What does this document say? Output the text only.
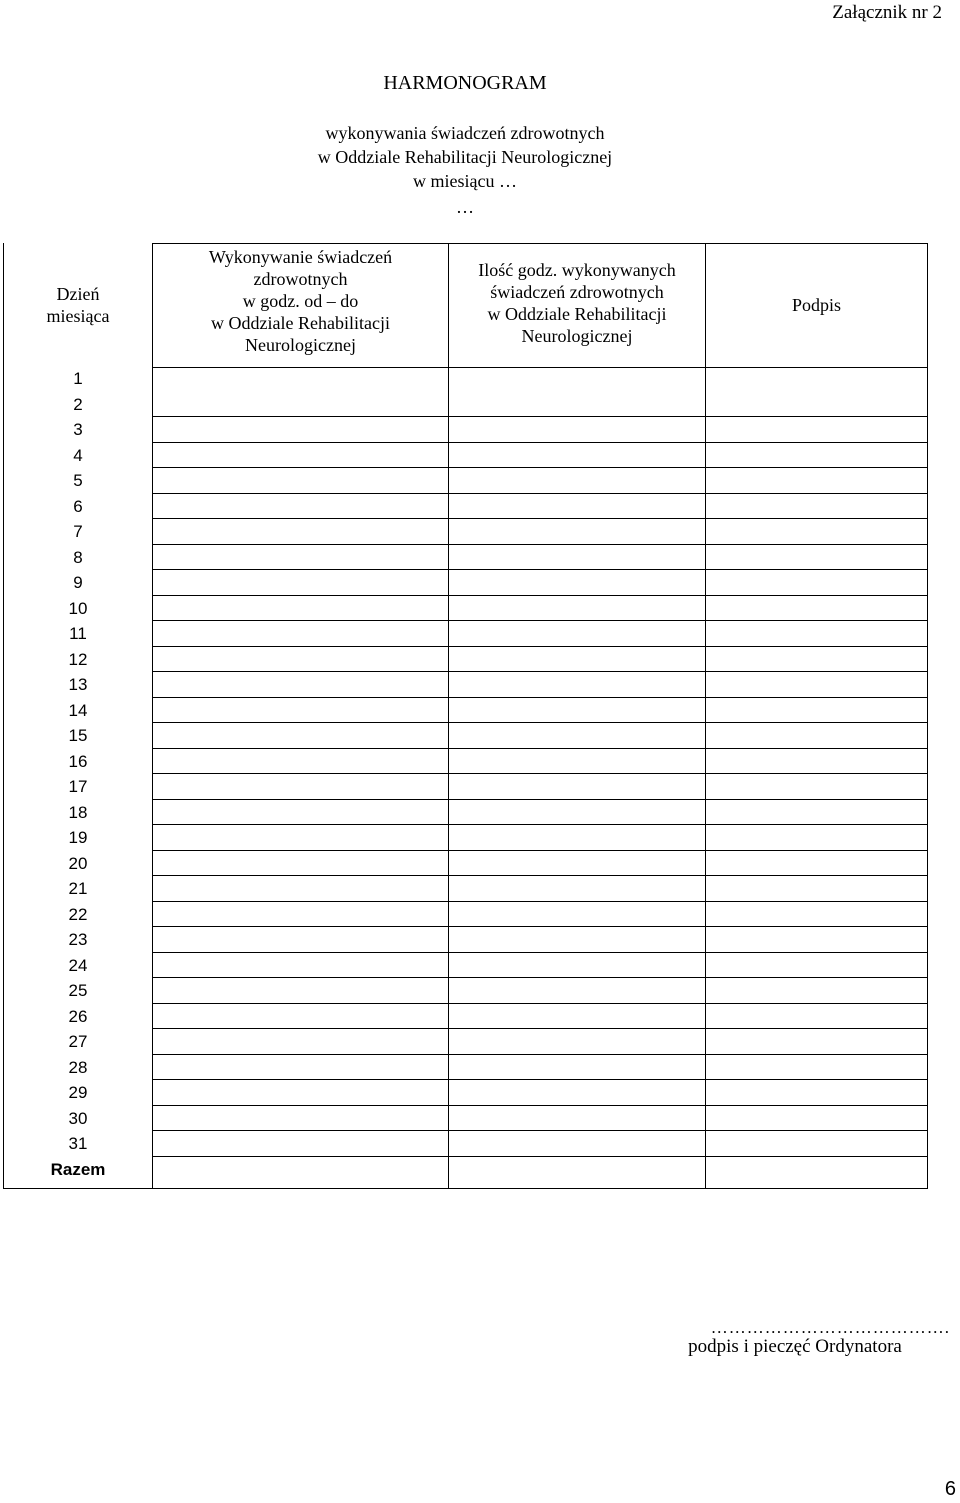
Załącznik nr 2
HARMONOGRAM
wykonywania świadczeń zdrowotnych
w Oddziale Rehabilitacji Neurologicznej
w miesiącu …
…
Dzień
miesiąca
Wykonywanie świadczeń
zdrowotnych
w godz. od – do
w Oddziale Rehabilitacji
Neurologicznej
Ilość godz. wykonywanych
świadczeń zdrowotnych
w Oddziale Rehabilitacji
Neurologicznej
Podpis
1
2
3
4
5
6
7
8
9
10
11
12
13
14
15
16
17
18
19
20
21
22
23
24
25
26
27
28
29
30
31
Razem
………………………………….
podpis i pieczęć Ordynatora
6
